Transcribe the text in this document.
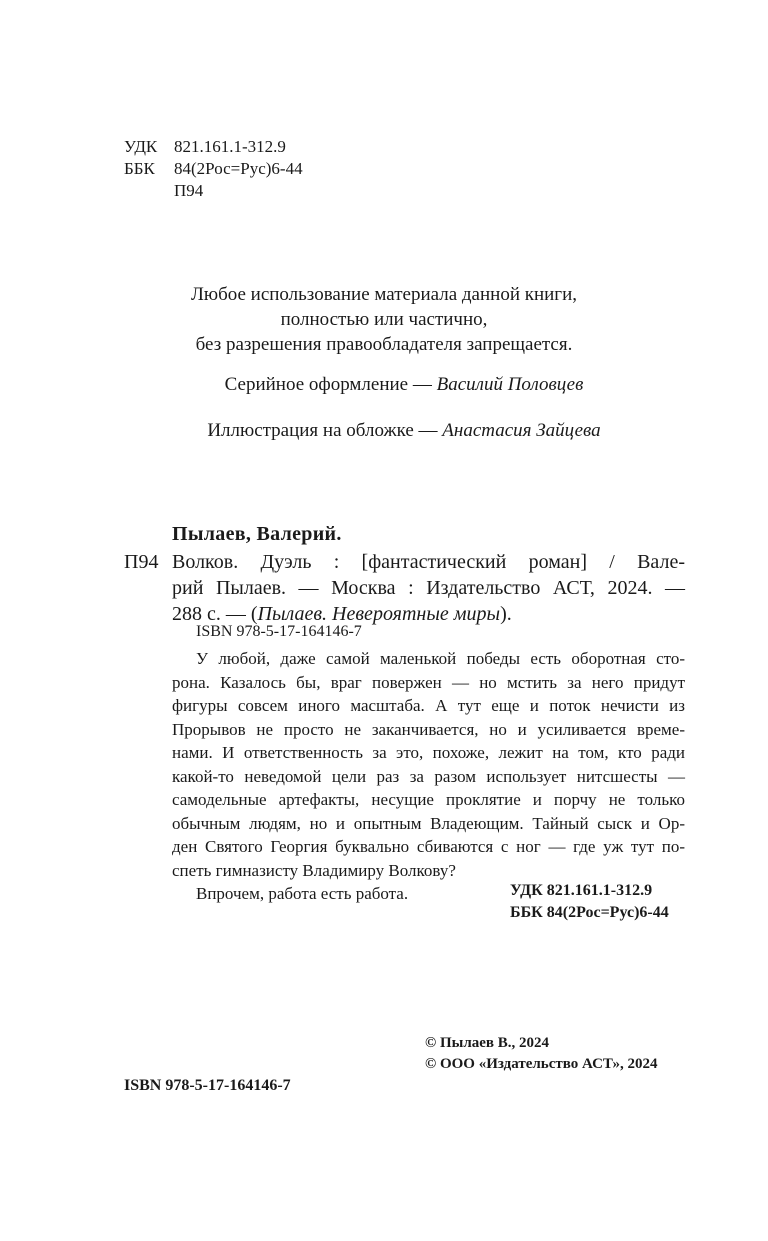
УДК 821.161.1-312.9
ББК	84(2Рос=Рус)6-44
П94
Любое использование материала данной книги,
полностью или частично,
без разрешения правообладателя запрещается.
Серийное оформление — Василий Половцев
Иллюстрация на обложке — Анастасия Зайцева
Пылаев, Валерий.
П94 Волков. Дуэль : [фантастический роман] / Вале-
рий Пылаев. — Москва : Издательство АСТ, 2024. —
288 с. — (Пылаев. Невероятные миры).
ISBN 978-5-17-164146-7
У любой, даже самой маленькой победы есть оборотная сто-
рона. Казалось бы, враг повержен — но мстить за него придут
фигуры совсем иного масштаба. А тут еще и поток нечисти из
Прорывов не просто не заканчивается, но и усиливается време-
нами. И ответственность за это, похоже, лежит на том, кто ради
какой-то неведомой цели раз за разом использует нитсшесты —
самодельные артефакты, несущие проклятие и порчу не только
обычным людям, но и опытным Владеющим. Тайный сыск и Ор-
ден Святого Георгия буквально сбиваются с ног — где уж тут по-
спеть гимназисту Владимиру Волкову?
Впрочем, работа есть работа.	УДК 821.161.1-312.9
ББК 84(2Рос=Рус)6-44
ISBN 978-5-17-164146-7
© Пылаев В., 2024
© ООО «Издательство АСТ», 2024
